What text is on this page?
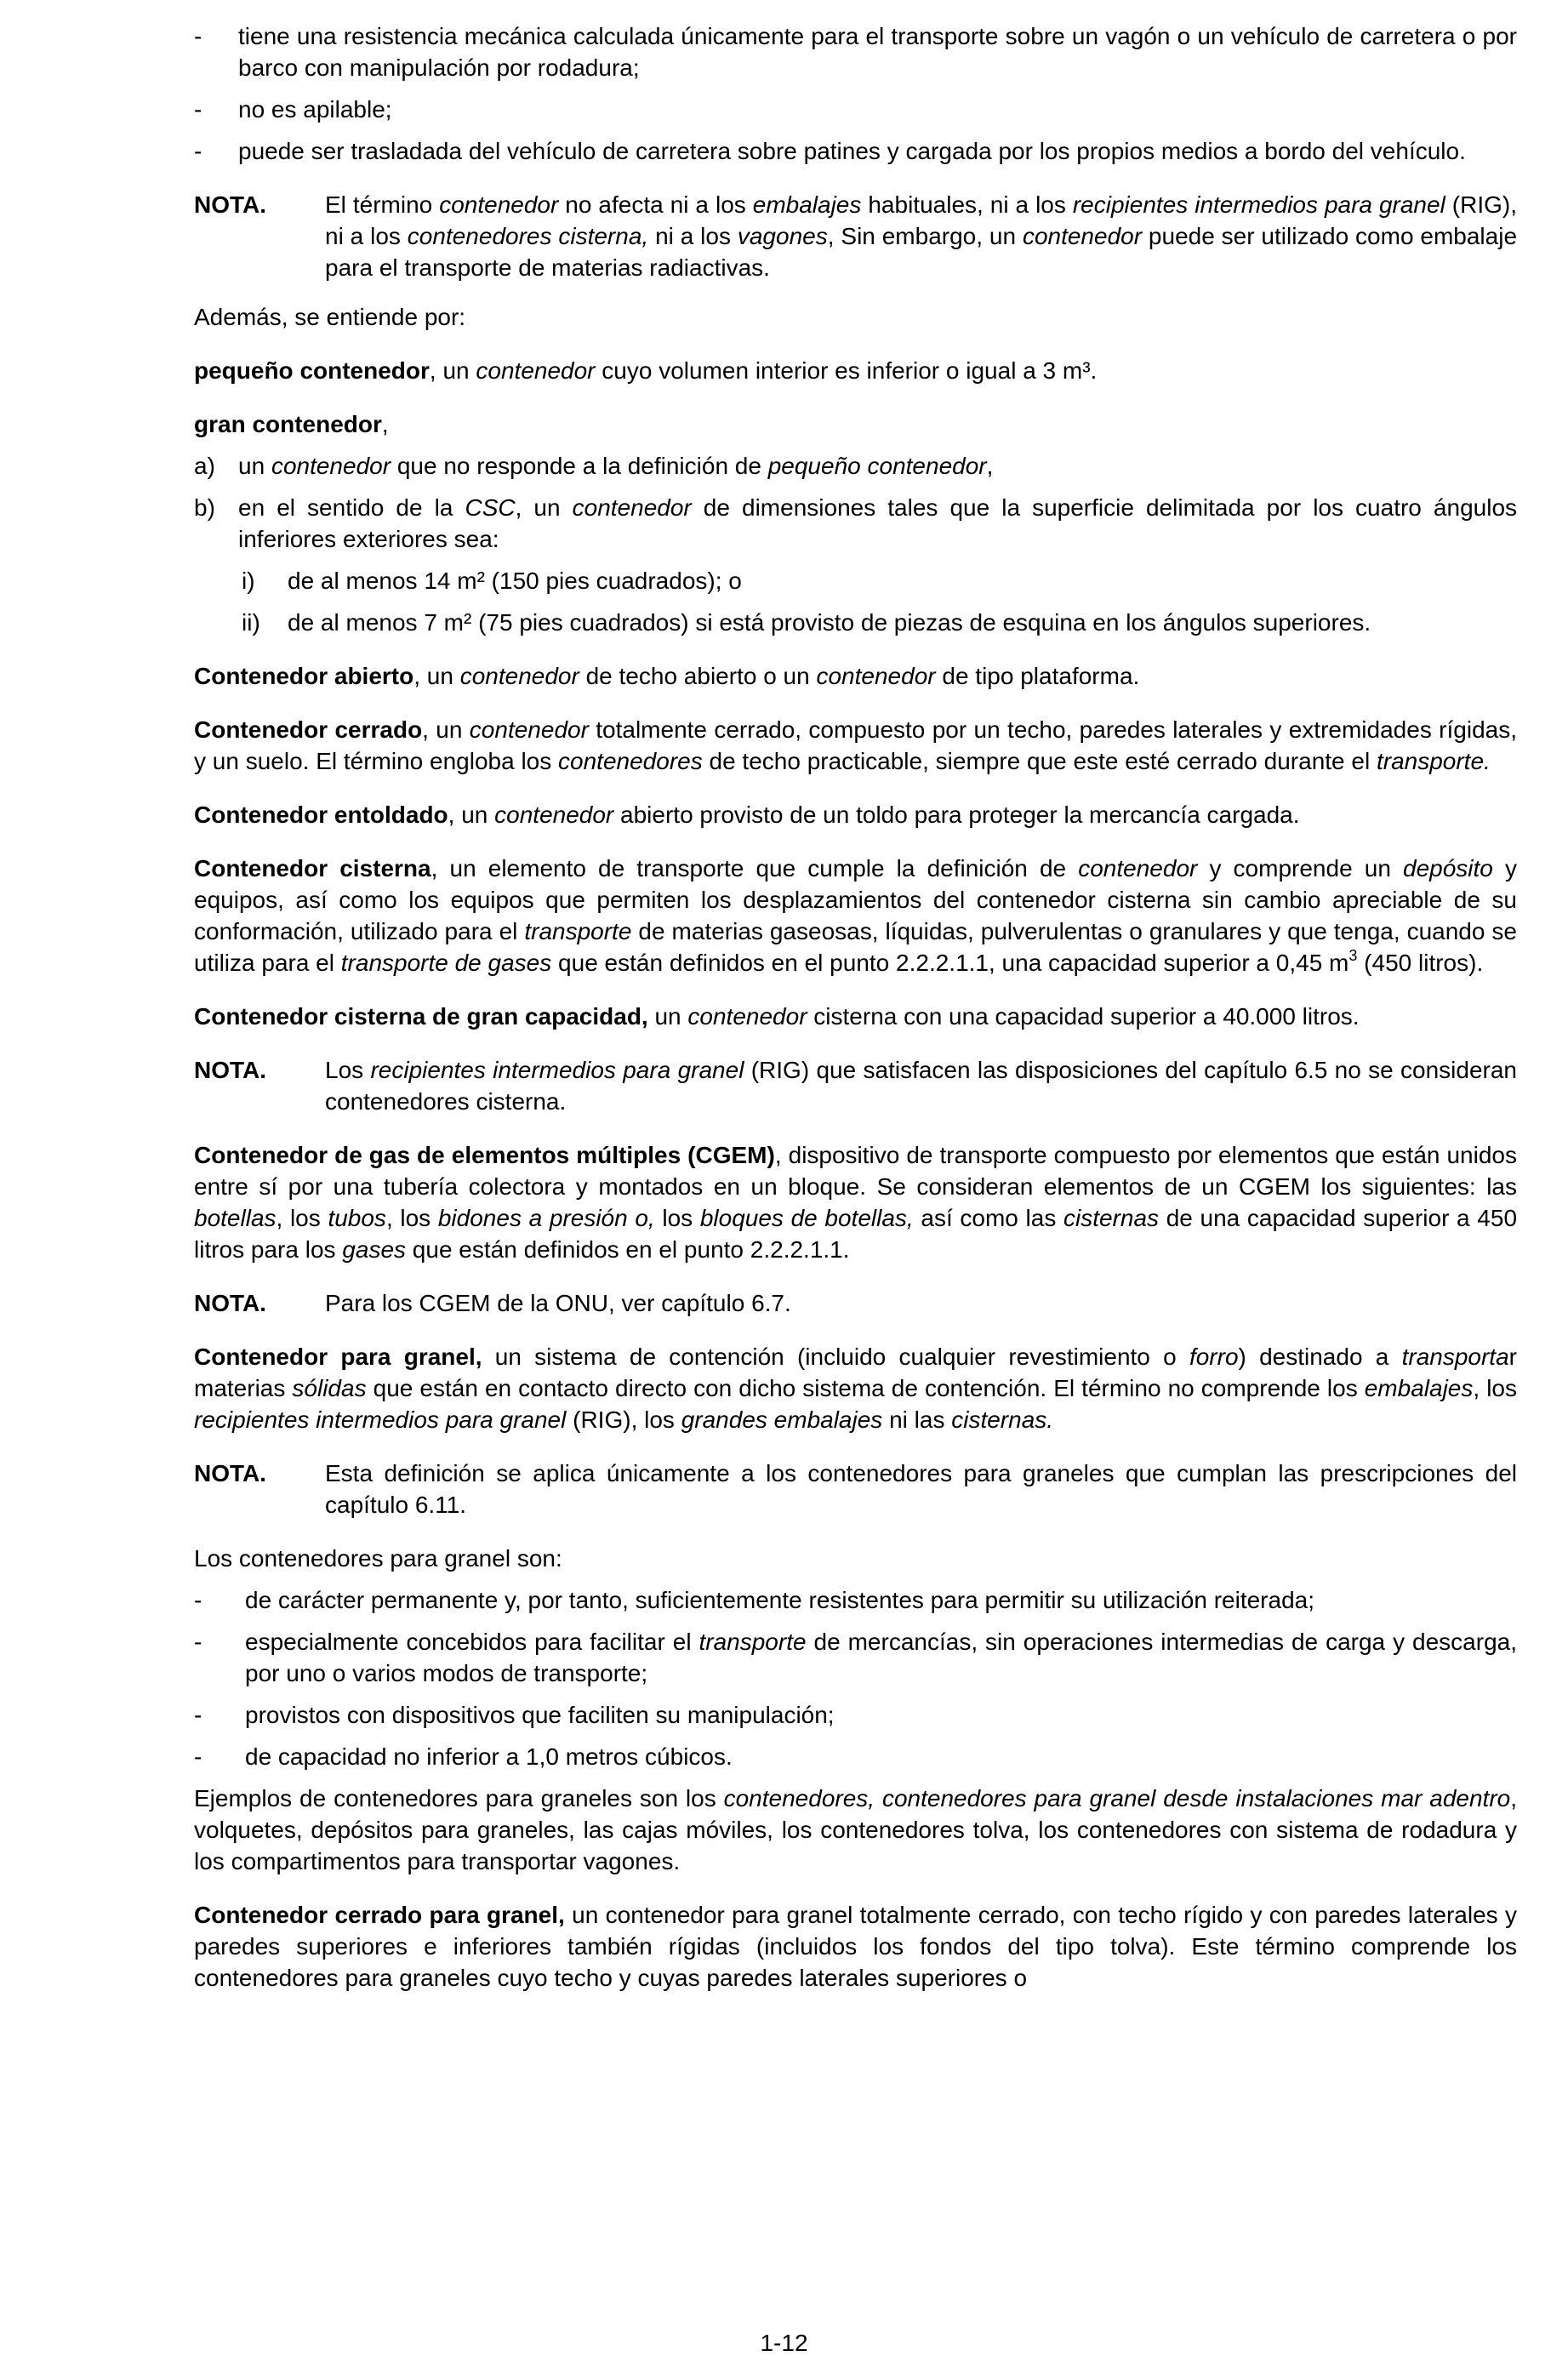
- tiene una resistencia mecánica calculada únicamente para el transporte sobre un vagón o un vehículo de carretera o por barco con manipulación por rodadura;
- no es apilable;
- puede ser trasladada del vehículo de carretera sobre patines y cargada por los propios medios a bordo del vehículo.
NOTA. El término contenedor no afecta ni a los embalajes habituales, ni a los recipientes intermedios para granel (RIG), ni a los contenedores cisterna, ni a los vagones, Sin embargo, un contenedor puede ser utilizado como embalaje para el transporte de materias radiactivas.

Además, se entiende por:

pequeño contenedor, un contenedor cuyo volumen interior es inferior o igual a 3 m³.

gran contenedor,

a) un contenedor que no responde a la definición de pequeño contenedor,
b) en el sentido de la CSC, un contenedor de dimensiones tales que la superficie delimitada por los cuatro ángulos inferiores exteriores sea:
i) de al menos 14 m² (150 pies cuadrados); o
ii) de al menos 7 m² (75 pies cuadrados) si está provisto de piezas de esquina en los ángulos superiores.

Contenedor abierto, un contenedor de techo abierto o un contenedor de tipo plataforma.

Contenedor cerrado, un contenedor totalmente cerrado, compuesto por un techo, paredes laterales y extremidades rígidas, y un suelo. El término engloba los contenedores de techo practicable, siempre que este esté cerrado durante el transporte.

Contenedor entoldado, un contenedor abierto provisto de un toldo para proteger la mercancía cargada.

Contenedor cisterna, un elemento de transporte que cumple la definición de contenedor y comprende un depósito y equipos, así como los equipos que permiten los desplazamientos del contenedor cisterna sin cambio apreciable de su conformación, utilizado para el transporte de materias gaseosas, líquidas, pulverulentas o granulares y que tenga, cuando se utiliza para el transporte de gases que están definidos en el punto 2.2.2.1.1, una capacidad superior a 0,45 $m^3$ (450 litros).

Contenedor cisterna de gran capacidad, un contenedor cisterna con una capacidad superior a 40.000 litros.

NOTA. Los recipientes intermedios para granel (RIG) que satisfacen las disposiciones del capítulo 6.5 no se consideran contenedores cisterna.

Contenedor de gas de elementos múltiples (CGEM), dispositivo de transporte compuesto por elementos que están unidos entre sí por una tubería colectora y montados en un bloque. Se consideran elementos de un CGEM los siguientes: las botellas, los tubos, los bidones a presión o, los bloques de botellas, así como las cisternas de una capacidad superior a 450 litros para los gases que están definidos en el punto 2.2.2.1.1.

NOTA. Para los CGEM de la ONU, ver capítulo 6.7.

Contenedor para granel, un sistema de contención (incluido cualquier revestimiento o forro) destinado a transportar materias sólidas que están en contacto directo con dicho sistema de contención. El término no comprende los embalajes, los recipientes intermedios para granel (RIG), los grandes embalajes ni las cisternas.

NOTA. Esta definición se aplica únicamente a los contenedores para graneles que cumplan las prescripciones del capítulo 6.11.

Los contenedores para granel son:

- de carácter permanente y, por tanto, suficientemente resistentes para permitir su utilización reiterada;
- especialmente concebidos para facilitar el transporte de mercancías, sin operaciones intermedias de carga y descarga, por uno o varios modos de transporte;
- provistos con dispositivos que faciliten su manipulación;
- de capacidad no inferior a 1,0 metros cúbicos.

Ejemplos de contenedores para graneles son los contenedores, contenedores para granel desde instalaciones mar adentro, volquetes, depósitos para graneles, las cajas móviles, los contenedores tolva, los contenedores con sistema de rodadura y los compartimentos para transportar vagones.

Contenedor cerrado para granel, un contenedor para granel totalmente cerrado, con techo rígido y con paredes laterales y paredes superiores e inferiores también rígidas (incluidos los fondos del tipo tolva). Este término comprende los contenedores para graneles cuyo techo y cuyas paredes laterales superiores o

1-12
